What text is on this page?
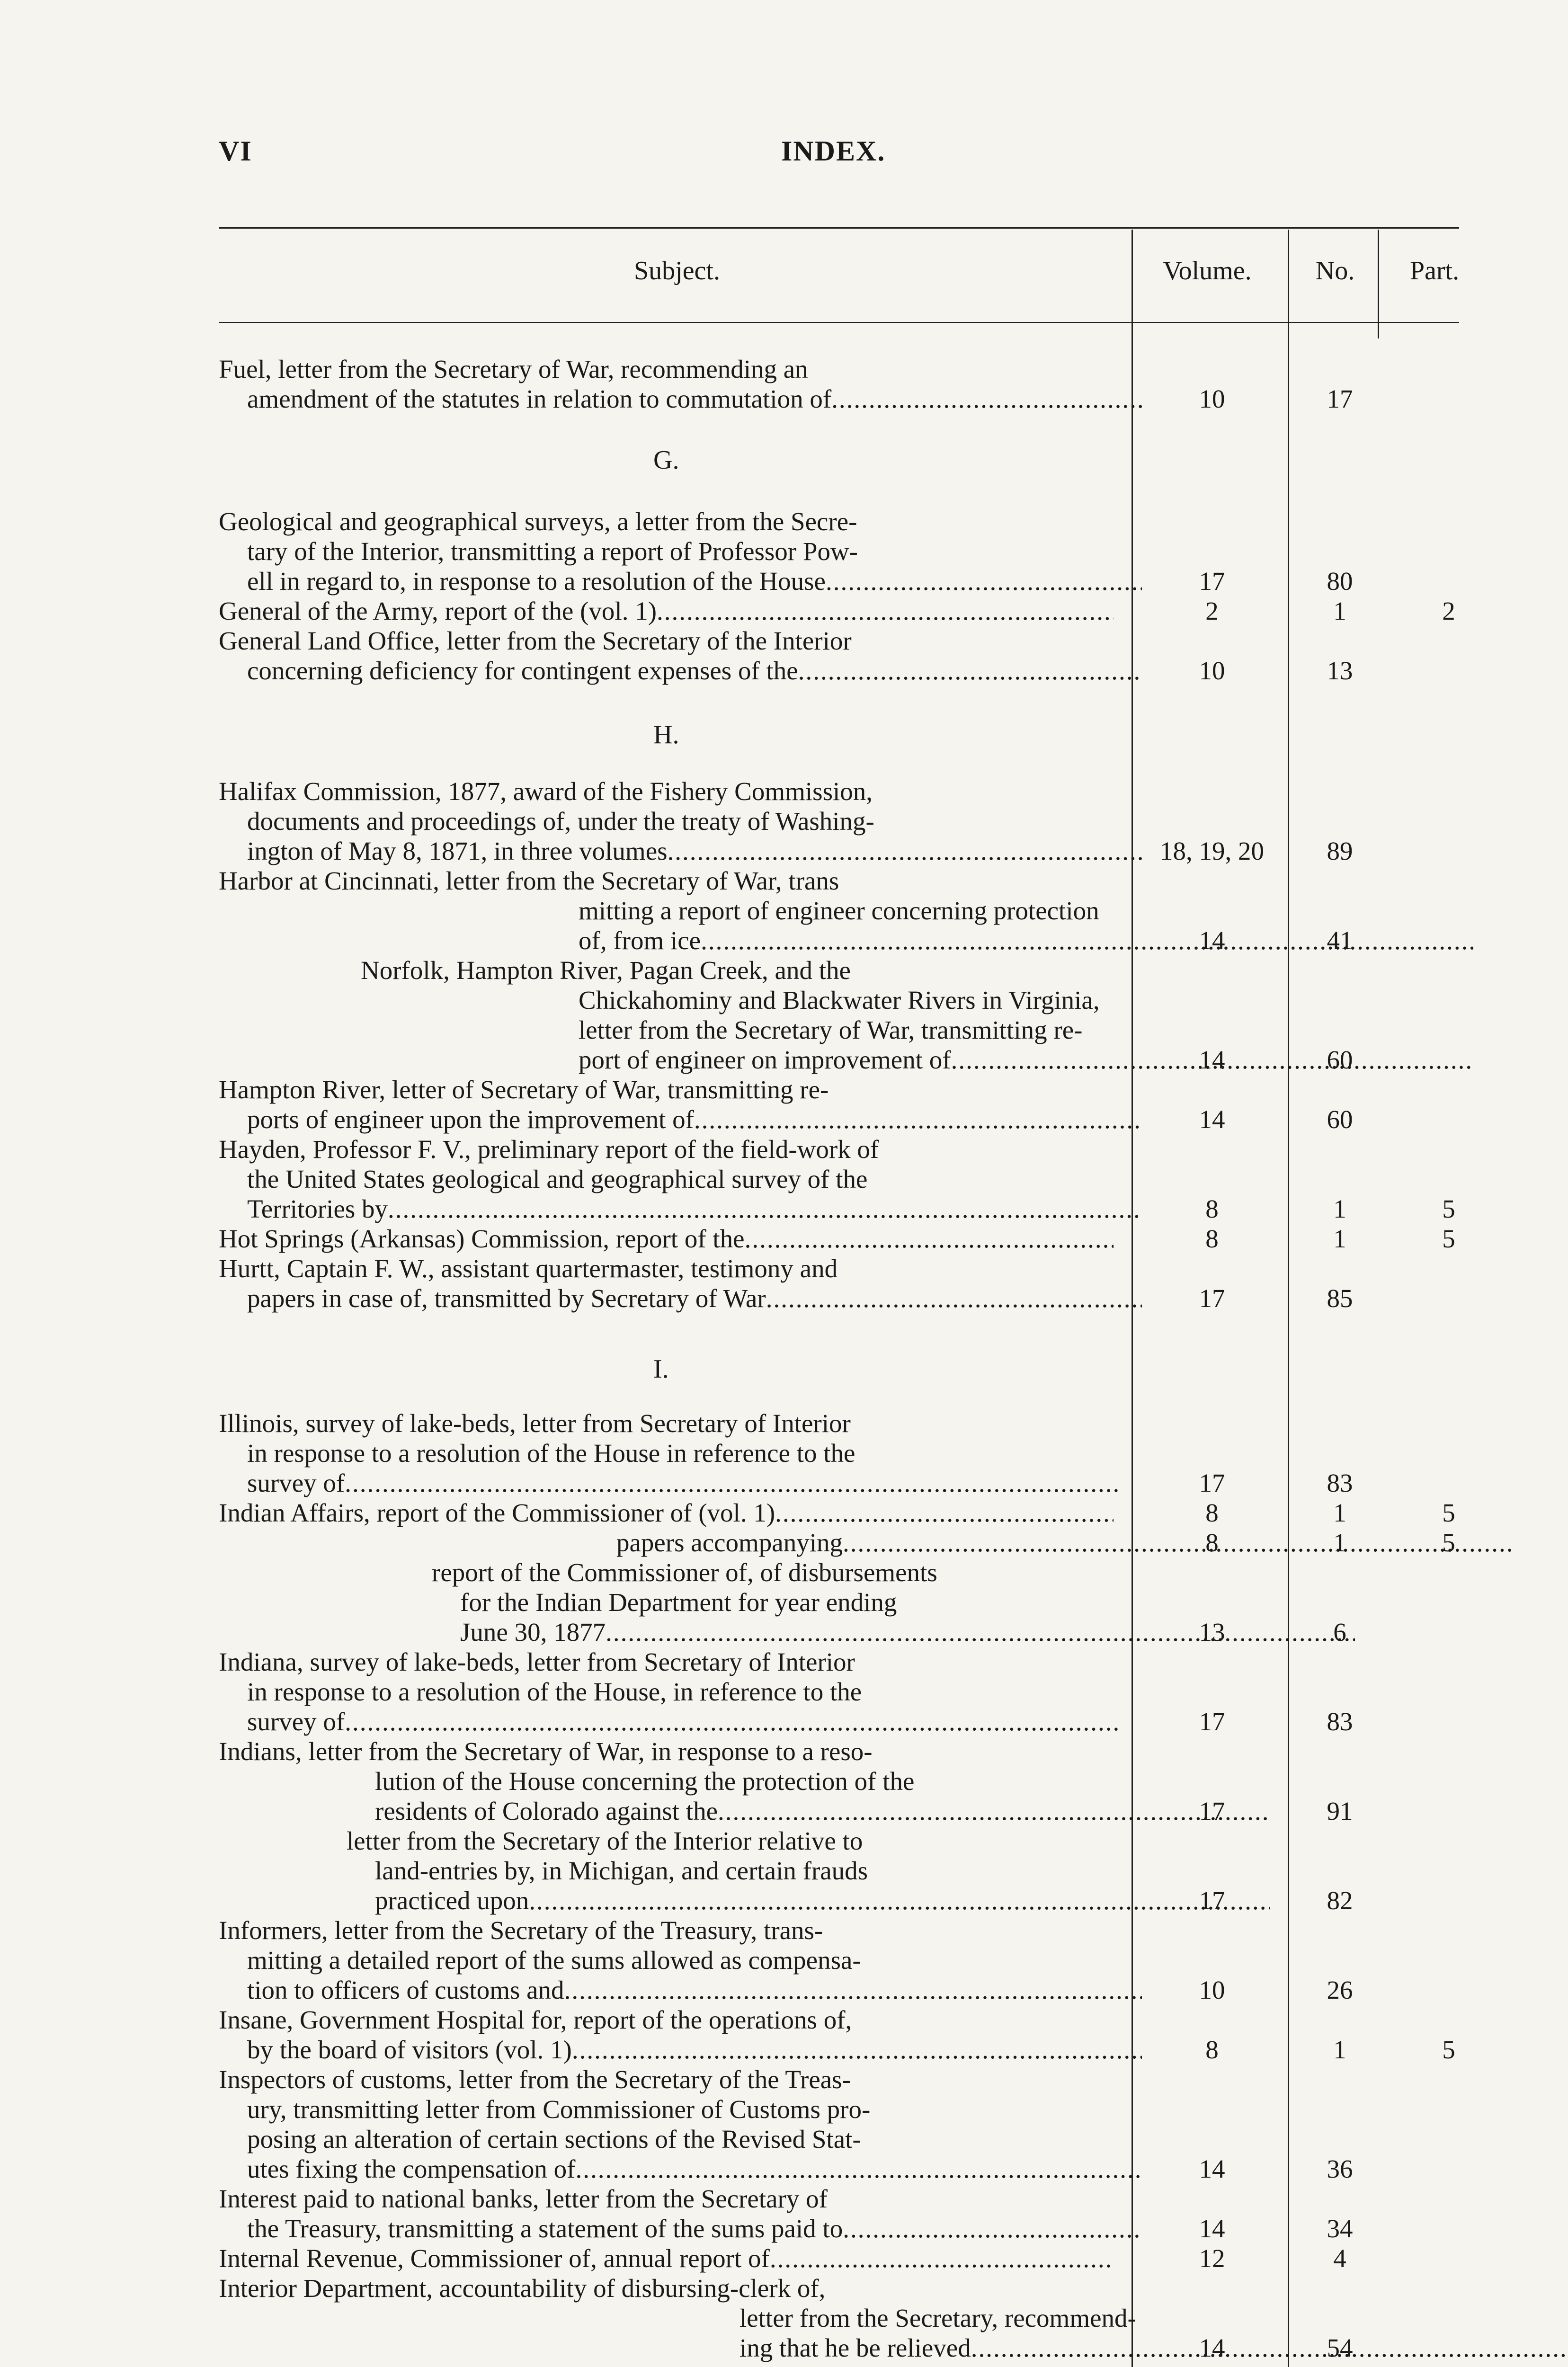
VI	INDEX.
Subject.	Volume.	No.	Part.
Fuel, letter from the Secretary of War, recommending an
amendment of the statutes in relation to commutation of .....	10	17
G.
Geological and geographical surveys, a letter from the Secre-
tary of the Interior, transmitting a report of Professor Pow-
ell in regard to, in response to a resolution of the House .....	17	80
General of the Army, report of the (vol. 1) .....	2	1	2
General Land Office, letter from the Secretary of the Interior
concerning deficiency for contingent expenses of the .....	10	13
H.
Halifax Commission, 1877, award of the Fishery Commission,
documents and proceedings of, under the treaty of Washing-
ington of May 8, 1871, in three volumes .....	18, 19, 20	89
Harbor at Cincinnati, letter from the Secretary of War, trans
mitting a report of engineer concerning protection
of, from ice .....	14	41
Norfolk, Hampton River, Pagan Creek, and the
Chickahominy and Blackwater Rivers in Virginia,
letter from the Secretary of War, transmitting re-
port of engineer on improvement of .....	14	60
Hampton River, letter of Secretary of War, transmitting re-
ports of engineer upon the improvement of .....	14	60
Hayden, Professor F. V., preliminary report of the field-work of
the United States geological and geographical survey of the
Territories by .....	8	1	5
Hot Springs (Arkansas) Commission, report of the .....	8	1	5
Hurtt, Captain F. W., assistant quartermaster, testimony and
papers in case of, transmitted by Secretary of War .....	17	85
I.
Illinois, survey of lake-beds, letter from Secretary of Interior
in response to a resolution of the House in reference to the
survey of .....	17	83
Indian Affairs, report of the Commissioner of (vol. 1) .....	8	1	5
papers accompanying .....	8	1	5
report of the Commissioner of, of disbursements
for the Indian Department for year ending
June 30, 1877 .....	13	6
Indiana, survey of lake-beds, letter from Secretary of Interior
in response to a resolution of the House, in reference to the
survey of .....	17	83
Indians, letter from the Secretary of War, in response to a reso-
lution of the House concerning the protection of the
residents of Colorado against the .....	17	91
letter from the Secretary of the Interior relative to
land-entries by, in Michigan, and certain frauds
practiced upon .....	17	82
Informers, letter from the Secretary of the Treasury, trans-
mitting a detailed report of the sums allowed as compensa-
tion to officers of customs and .....	10	26
Insane, Government Hospital for, report of the operations of,
by the board of visitors (vol. 1) .....	8	1	5
Inspectors of customs, letter from the Secretary of the Treas-
ury, transmitting letter from Commissioner of Customs pro-
posing an alteration of certain sections of the Revised Stat-
utes fixing the compensation of .....	14	36
Interest paid to national banks, letter from the Secretary of
the Treasury, transmitting a statement of the sums paid to .....	14	34
Internal Revenue, Commissioner of, annual report of .....	12	4
Interior Department, accountability of disbursing-clerk of,
letter from the Secretary, recommend-
ing that he be relieved .....	14	54
